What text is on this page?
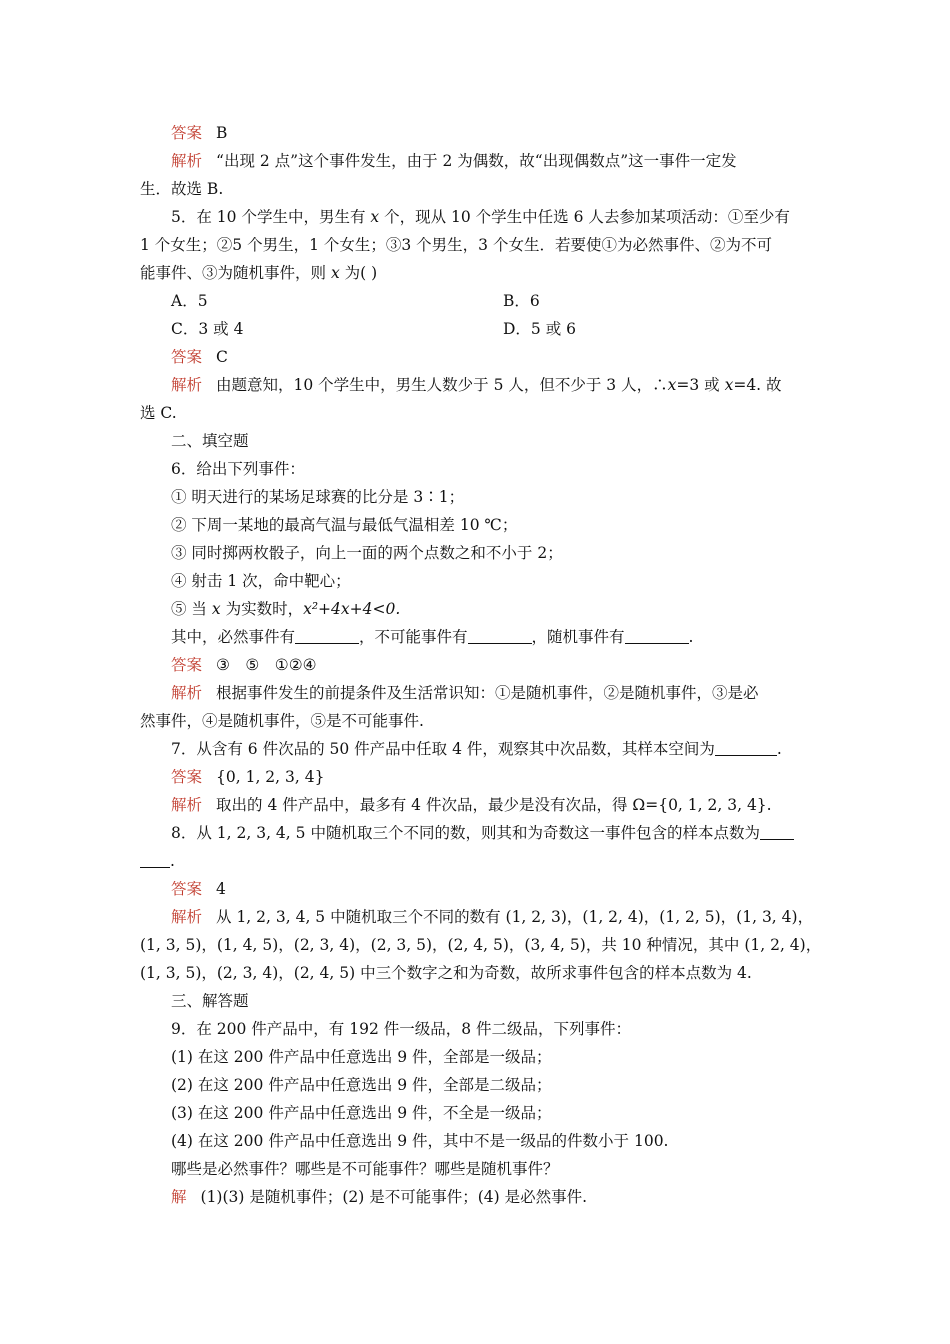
答案 B
解析 “出现 2 点”这个事件发生，由于 2 为偶数，故“出现偶数点”这一事件一定发
生．故选 B.
5．在 10 个学生中，男生有 x 个，现从 10 个学生中任选 6 人去参加某项活动：①至少有
1 个女生；②5 个男生，1 个女生；③3 个男生，3 个女生．若要使①为必然事件、②为不可
能事件、③为随机事件，则 x 为( )
A．5	B．6
C．3 或 4	D．5 或 6
答案 C
解析 由题意知，10 个学生中，男生人数少于 5 人，但不少于 3 人，∴x=3 或 x=4. 故
选 C.
二、填空题
6．给出下列事件：
① 明天进行的某场足球赛的比分是 3∶1；
② 下周一某地的最高气温与最低气温相差 10 ℃；
③ 同时掷两枚骰子，向上一面的两个点数之和不小于 2；
④ 射击 1 次，命中靶心；
⑤ 当 x 为实数时，x²+4x+4<0.
其中，必然事件有	，不可能事件有	，随机事件有	.
答案 ③　⑤　①②④
解析 根据事件发生的前提条件及生活常识知：①是随机事件，②是随机事件，③是必
然事件，④是随机事件，⑤是不可能事件.
7．从含有 6 件次品的 50 件产品中任取 4 件，观察其中次品数，其样本空间为	.
答案 {0, 1, 2, 3, 4}
解析 取出的 4 件产品中，最多有 4 件次品，最少是没有次品，得 Ω={0, 1, 2, 3, 4}.
8．从 1, 2, 3, 4, 5 中随机取三个不同的数，则其和为奇数这一事件包含的样本点数为
.
答案 4
解析 从 1, 2, 3, 4, 5 中随机取三个不同的数有 (1, 2, 3)，(1, 2, 4)，(1, 2, 5)，(1, 3, 4)，
(1, 3, 5)，(1, 4, 5)，(2, 3, 4)，(2, 3, 5)，(2, 4, 5)，(3, 4, 5)，共 10 种情况，其中 (1, 2, 4)，
(1, 3, 5)，(2, 3, 4)，(2, 4, 5) 中三个数字之和为奇数，故所求事件包含的样本点数为 4.
三、解答题
9．在 200 件产品中，有 192 件一级品，8 件二级品，下列事件：
(1) 在这 200 件产品中任意选出 9 件，全部是一级品；
(2) 在这 200 件产品中任意选出 9 件，全部是二级品；
(3) 在这 200 件产品中任意选出 9 件，不全是一级品；
(4) 在这 200 件产品中任意选出 9 件，其中不是一级品的件数小于 100.
哪些是必然事件？哪些是不可能事件？哪些是随机事件？
解 (1)(3) 是随机事件；(2) 是不可能事件；(4) 是必然事件.
